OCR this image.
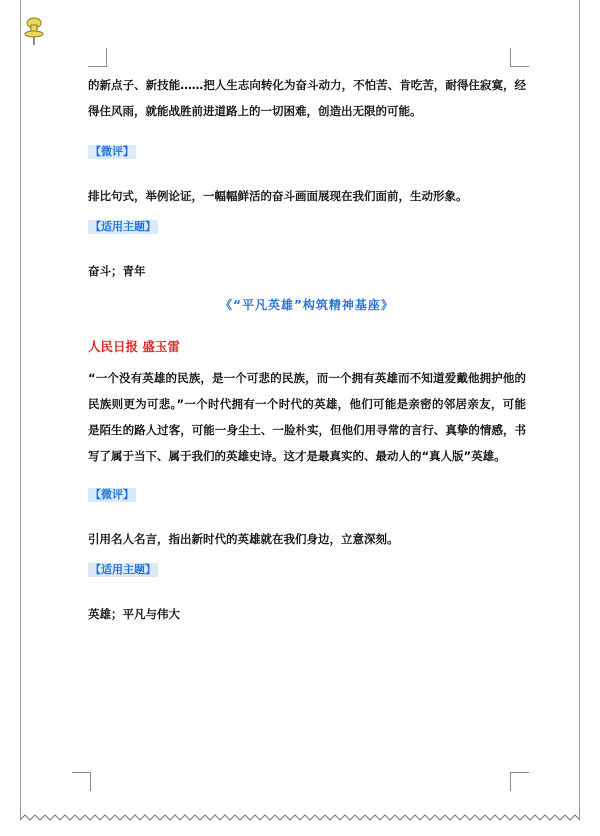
的新点子、新技能……把人生志向转化为奋斗动力，不怕苦、肯吃苦，耐得住寂寞，经得住风雨，就能战胜前进道路上的一切困难，创造出无限的可能。

【微评】

排比句式，举例论证，一幅幅鲜活的奋斗画面展现在我们面前，生动形象。

【适用主题】

奋斗；青年

《“平凡英雄”构筑精神基座》

人民日报 盛玉雷

“一个没有英雄的民族，是一个可悲的民族，而一个拥有英雄而不知道爱戴他拥护他的民族则更为可悲。”一个时代拥有一个时代的英雄，他们可能是亲密的邻居亲友，可能是陌生的路人过客，可能一身尘土、一脸朴实，但他们用寻常的言行、真挚的情感，书写了属于当下、属于我们的英雄史诗。这才是最真实的、最动人的“真人版”英雄。

【微评】

引用名人名言，指出新时代的英雄就在我们身边，立意深刻。

【适用主题】

英雄；平凡与伟大
